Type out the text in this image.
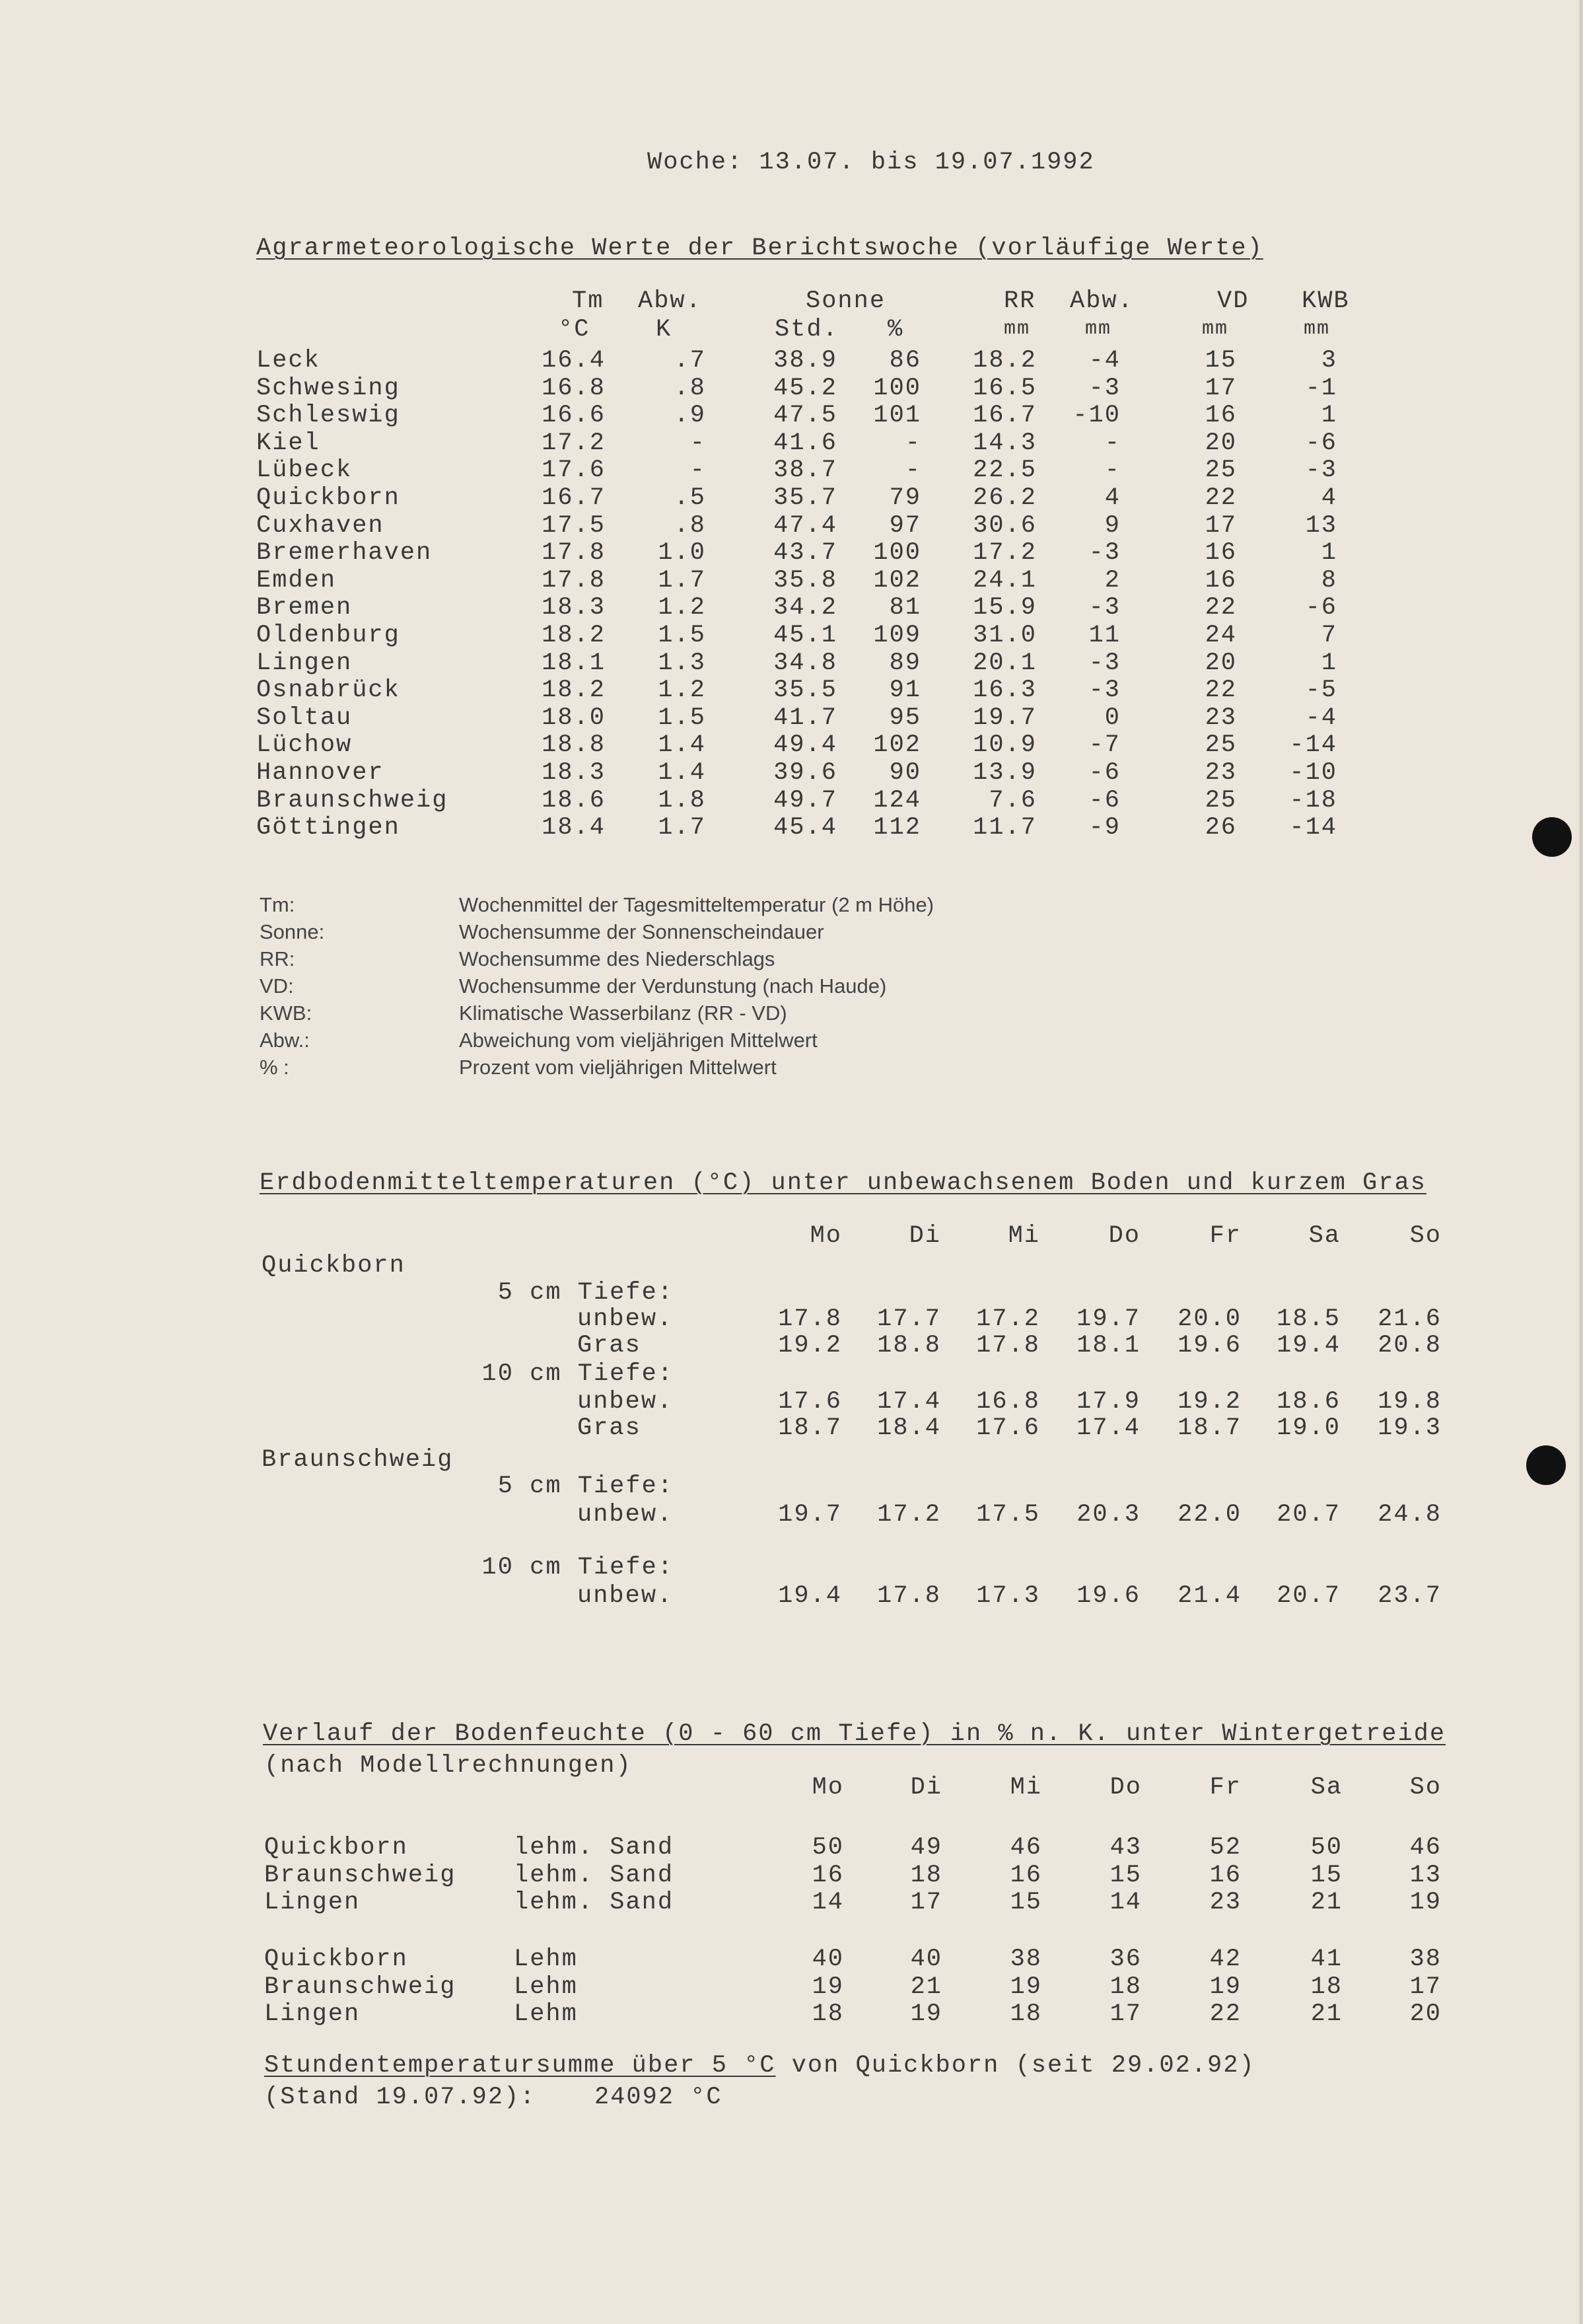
Woche: 13.07. bis 19.07.1992
Agrarmeteorologische Werte der Berichtswoche (vorläufige Werte)
Tm Abw.	Sonne	RR Abw.	VD KWB
°C	K	Std. %	mm	mm	mm	mm
Leck	16.4	.7	38.9	86	18.2	-4	15	3
Schwesing	16.8	.8	45.2	100	16.5	-3	17	-1
Schleswig	16.6	.9	47.5	101	16.7	-10	16	1
Kiel	17.2	-	41.6	-	14.3	-	20	-6
Lübeck	17.6	-	38.7	-	22.5	-	25	-3
Quickborn	16.7	.5	35.7	79	26.2	4	22	4
Cuxhaven	17.5	.8	47.4	97	30.6	9	17	13
Bremerhaven	17.8	1.0	43.7	100	17.2	-3	16	1
Emden	17.8	1.7	35.8	102	24.1	2	16	8
Bremen	18.3	1.2	34.2	81	15.9	-3	22	-6
Oldenburg	18.2	1.5	45.1	109	31.0	11	24	7
Lingen	18.1	1.3	34.8	89	20.1	-3	20	1
Osnabrück	18.2	1.2	35.5	91	16.3	-3	22	-5
Soltau	18.0	1.5	41.7	95	19.7	0	23	-4
Lüchow	18.8	1.4	49.4	102	10.9	-7	25	-14
Hannover	18.3	1.4	39.6	90	13.9	-6	23	-10
Braunschweig	18.6	1.8	49.7	124	7.6	-6	25	-18
Göttingen	18.4	1.7	45.4	112	11.7	-9	26	-14
Tm:	Wochenmittel der Tagesmitteltemperatur (2 m Höhe)
Sonne:	Wochensumme der Sonnenscheindauer
RR:	Wochensumme des Niederschlags
VD:	Wochensumme der Verdunstung (nach Haude)
KWB:	Klimatische Wasserbilanz (RR - VD)
Abw.:	Abweichung vom vieljährigen Mittelwert
% :	Prozent vom vieljährigen Mittelwert
Erdbodenmitteltemperaturen (°C) unter unbewachsenem Boden und kurzem Gras
Mo	Di	Mi	Do	Fr	Sa	So
Quickborn
5 cm Tiefe:
unbew.	17.8	17.7	17.2	19.7	20.0	18.5	21.6
Gras	19.2	18.8	17.8	18.1	19.6	19.4	20.8
10 cm Tiefe:
unbew.	17.6	17.4	16.8	17.9	19.2	18.6	19.8
Gras	18.7	18.4	17.6	17.4	18.7	19.0	19.3
Braunschweig
5 cm Tiefe:
unbew.	19.7	17.2	17.5	20.3	22.0	20.7	24.8
10 cm Tiefe:
unbew.	19.4	17.8	17.3	19.6	21.4	20.7	23.7
Verlauf der Bodenfeuchte (0 - 60 cm Tiefe) in % n. K. unter Wintergetreide
(nach Modellrechnungen)
Mo	Di	Mi	Do	Fr	Sa	So
Quickborn	lehm. Sand	50	49	46	43	52	50	46
Braunschweig lehm. Sand	16	18	16	15	16	15	13
Lingen	lehm. Sand	14	17	15	14	23	21	19
Quickborn	Lehm	40	40	38	36	42	41	38
Braunschweig Lehm	19	21	19	18	19	18	17
Lingen	Lehm	18	19	18	17	22	21	20
Stundentemperatursumme über 5 °C von Quickborn (seit 29.02.92)
(Stand 19.07.92): 24092 °C
